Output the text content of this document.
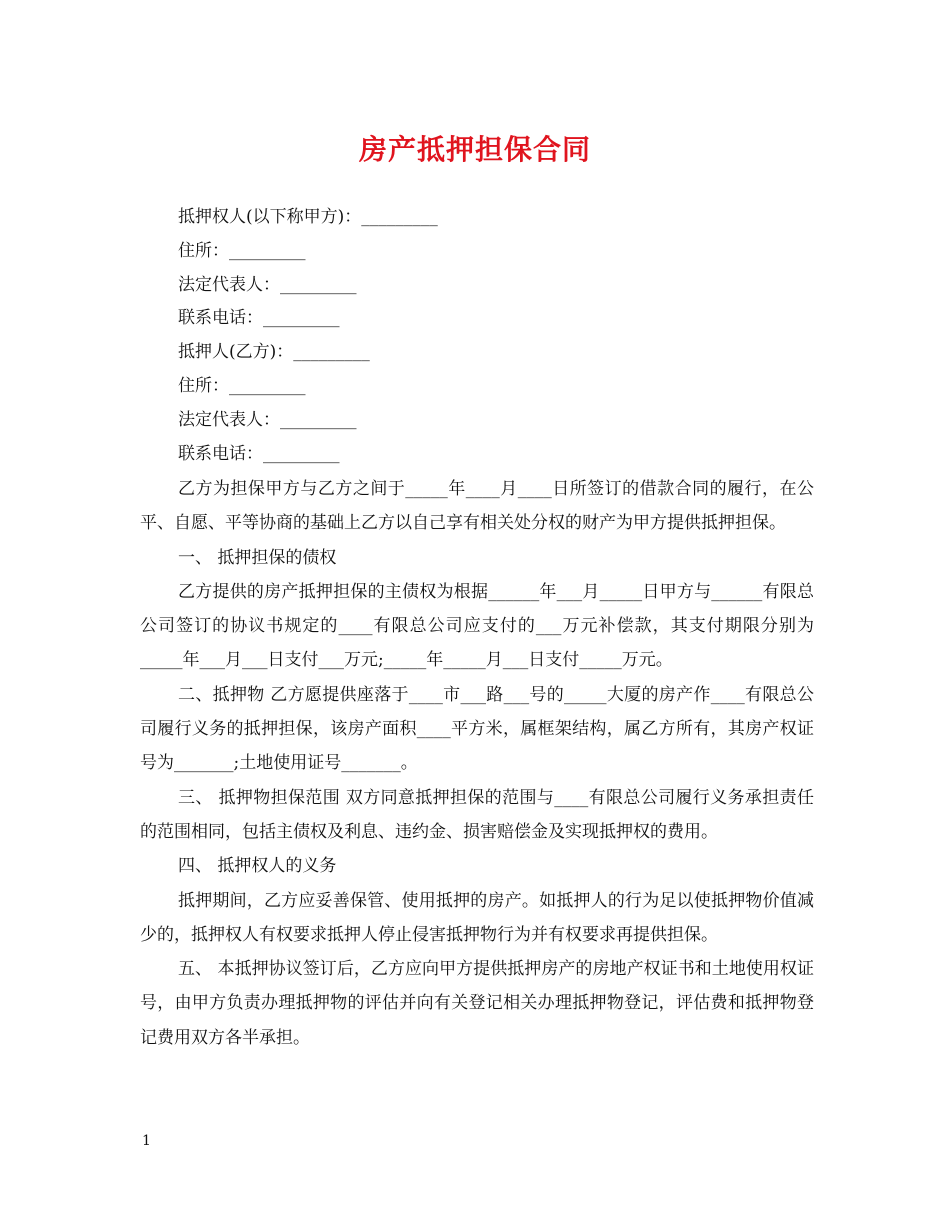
房产抵押担保合同
抵押权人(以下称甲方)：_________
住所：_________
法定代表人：_________
联系电话：_________
抵押人(乙方)：_________
住所：_________
法定代表人：_________
联系电话：_________

乙方为担保甲方与乙方之间于_____年____月____日所签订的借款合同的履行，在公平、自愿、平等协商的基础上乙方以自己享有相关处分权的财产为甲方提供抵押担保。

一、 抵押担保的债权

乙方提供的房产抵押担保的主债权为根据______年___月_____日甲方与______有限总公司签订的协议书规定的____有限总公司应支付的___万元补偿款，其支付期限分别为_____年___月___日支付___万元;_____年_____月___日支付_____万元。

二、抵押物 乙方愿提供座落于____市___路___号的_____大厦的房产作____有限总公司履行义务的抵押担保，该房产面积____平方米，属框架结构，属乙方所有，其房产权证号为_______;土地使用证号_______。

三、 抵押物担保范围 双方同意抵押担保的范围与____有限总公司履行义务承担责任的范围相同，包括主债权及利息、违约金、损害赔偿金及实现抵押权的费用。

四、 抵押权人的义务

抵押期间，乙方应妥善保管、使用抵押的房产。如抵押人的行为足以使抵押物价值减少的，抵押权人有权要求抵押人停止侵害抵押物行为并有权要求再提供担保。

五、 本抵押协议签订后，乙方应向甲方提供抵押房产的房地产权证书和土地使用权证号，由甲方负责办理抵押物的评估并向有关登记相关办理抵押物登记，评估费和抵押物登记费用双方各半承担。

1
